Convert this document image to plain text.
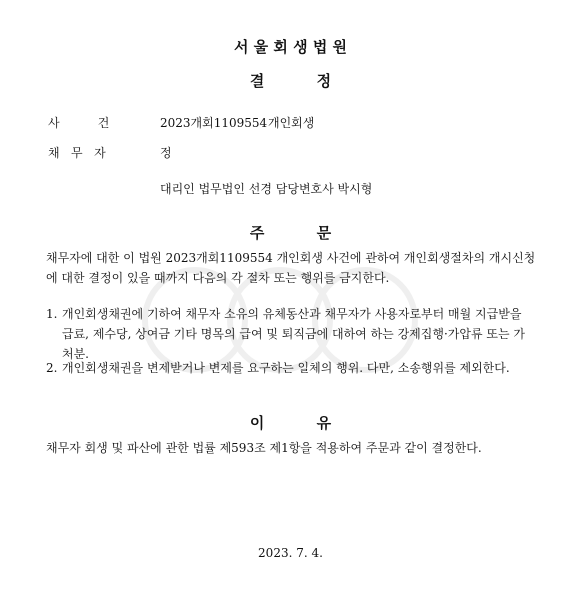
서 울 회 생 법 원
결          정
사          건	2023개회1109554 개인회생
채   무   자	정
대리인 법무법인 선경 담당변호사 박시형
주          문
채무자에 대한 이 법원 2023개회1109554 개인회생 사건에 관하여 개인회생절차의 개시신청에 대한 결정이 있을 때까지 다음의 각 절차 또는 행위를 금지한다.
1. 개인회생채권에 기하여 채무자 소유의 유체동산과 채무자가 사용자로부터 매월 지급받을 급료, 제수당, 상여금 기타 명목의 급여 및 퇴직금에 대하여 하는 강제집행·가압류 또는 가처분.
2. 개인회생채권을 변제받거나 변제를 요구하는 일체의 행위. 다만, 소송행위를 제외한다.
이          유
채무자 회생 및 파산에 관한 법률 제593조 제1항을 적용하여 주문과 같이 결정한다.
2023. 7. 4.
